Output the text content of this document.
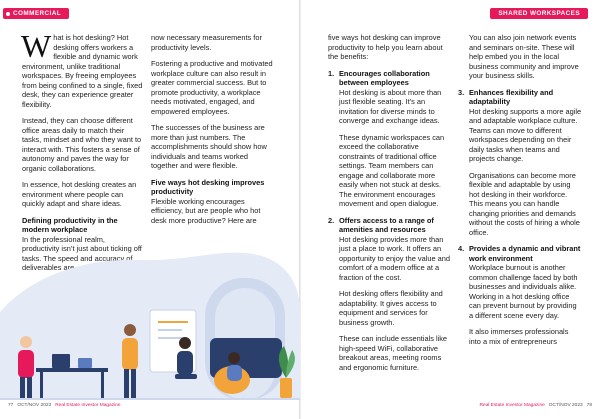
COMMERCIAL	SHARED WORKSPACES

What is hot desking? Hot desking offers workers a flexible and dynamic work environment, unlike traditional workspaces. By freeing employees from being confined to a single, fixed desk, they can experience greater flexibility.

Instead, they can choose different office areas daily to match their tasks, mindset and who they want to interact with. This fosters a sense of autonomy and paves the way for organic collaborations.

In essence, hot desking creates an environment where people can quickly adapt and share ideas.

Defining productivity in the modern workplace

In the professional realm, productivity isn’t just about ticking off tasks. The speed and accuracy of deliverables are

now necessary measurements for productivity levels.

Fostering a productive and motivated workplace culture can also result in greater commercial success. But to promote productivity, a workplace needs motivated, engaged, and empowered employees.

The successes of the business are more than just numbers. The accomplishments should show how individuals and teams worked together and were flexible.

Five ways hot desking improves productivity

Flexible working encourages efficiency, but are people who hot desk more productive? Here are

five ways hot desking can improve productivity to help you learn about the benefits:

1. Encourages collaboration between employees

Hot desking is about more than just flexible seating. It’s an invitation for diverse minds to converge and exchange ideas.

These dynamic workspaces can exceed the collaborative constraints of traditional office settings. Team members can engage and collaborate more easily when not stuck at desks. The environment encourages movement and open dialogue.

2. Offers access to a range of amenities and resources

Hot desking provides more than just a place to work. It offers an opportunity to enjoy the value and comfort of a modern office at a fraction of the cost.

Hot desking offers flexibility and adaptability. It gives access to equipment and services for business growth.

These can include essentials like high-speed WiFi, collaborative breakout areas, meeting rooms and ergonomic furniture.

You can also join network events and seminars on-site. These will help embed you in the local business community and improve your business skills.

3. Enhances flexibility and adaptability

Hot desking supports a more agile and adaptable workplace culture. Teams can move to different workspaces depending on their daily tasks when teams and projects change.

Organisations can become more flexible and adaptable by using hot desking in their workforce. This means you can handle changing priorities and demands without the costs of hiring a whole office.

4. Provides a dynamic and vibrant work environment

Workplace burnout is another common challenge faced by both businesses and individuals alike. Working in a hot desking office can prevent burnout by providing a different scene every day.

It also immerses professionals into a mix of entrepreneurs

77 OCT/NOV 2023 Real Estate Investor Magazine	Real Estate Investor Magazine OCT/NOV 2023 78
